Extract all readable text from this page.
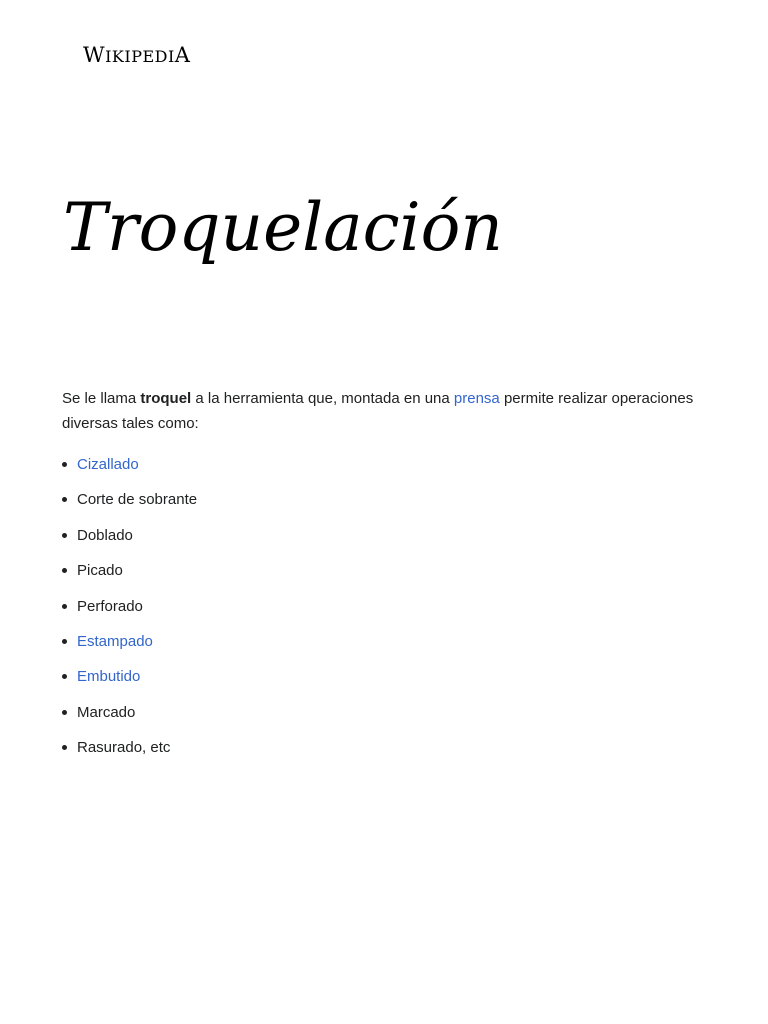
WIKIPEDIA
Troquelación

Se le llama troquel a la herramienta que, montada en una prensa permite realizar operaciones diversas tales como:

Cizallado
Corte de sobrante
Doblado
Picado
Perforado
Estampado
Embutido
Marcado
Rasurado, etc
